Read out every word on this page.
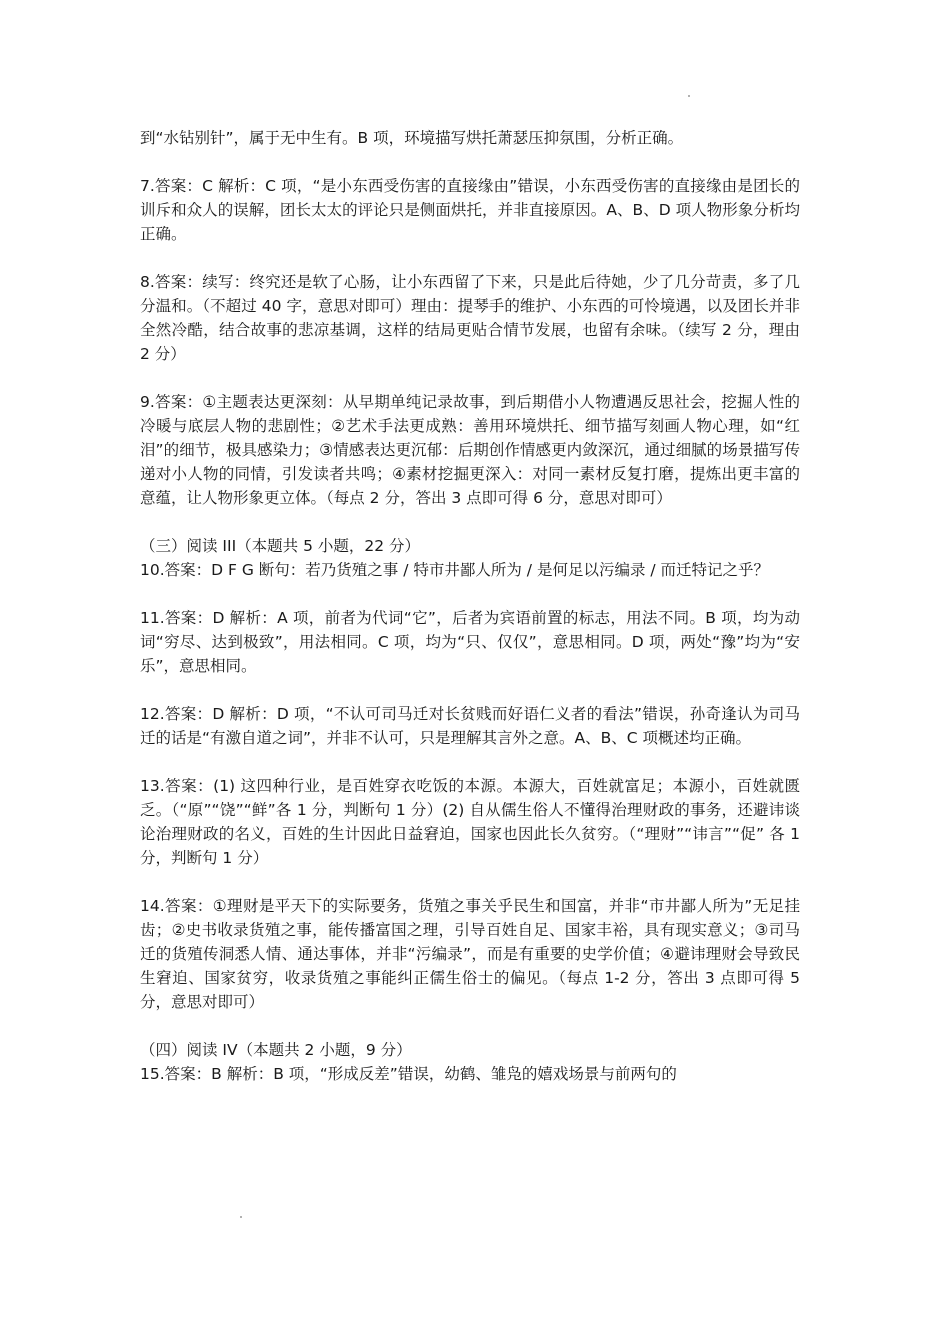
到“水钻别针”，属于无中生有。B 项，环境描写烘托萧瑟压抑氛围，分析正确。

7.答案：C 解析：C 项，“是小东西受伤害的直接缘由”错误，小东西受伤害的直接缘由是团长的训斥和众人的误解，团长太太的评论只是侧面烘托，并非直接原因。A、B、D 项人物形象分析均正确。

8.答案：续写：终究还是软了心肠，让小东西留了下来，只是此后待她，少了几分苛责，多了几分温和。（不超过 40 字，意思对即可）理由：提琴手的维护、小东西的可怜境遇，以及团长并非全然冷酷，结合故事的悲凉基调，这样的结局更贴合情节发展，也留有余味。（续写 2 分，理由 2 分）

9.答案：①主题表达更深刻：从早期单纯记录故事，到后期借小人物遭遇反思社会，挖掘人性的冷暖与底层人物的悲剧性；②艺术手法更成熟：善用环境烘托、细节描写刻画人物心理，如“红泪”的细节，极具感染力；③情感表达更沉郁：后期创作情感更内敛深沉，通过细腻的场景描写传递对小人物的同情，引发读者共鸣；④素材挖掘更深入：对同一素材反复打磨，提炼出更丰富的意蕴，让人物形象更立体。（每点 2 分，答出 3 点即可得 6 分，意思对即可）

（三）阅读 III（本题共 5 小题，22 分）

10.答案：D F G 断句：若乃货殖之事 / 特市井鄙人所为 / 是何足以污编录 / 而迁特记之乎？

11.答案：D 解析：A 项，前者为代词“它”，后者为宾语前置的标志，用法不同。B 项，均为动词“穷尽、达到极致”，用法相同。C 项，均为“只、仅仅”，意思相同。D 项，两处“豫”均为“安乐”，意思相同。

12.答案：D 解析：D 项，“不认可司马迁对长贫贱而好语仁义者的看法”错误，孙奇逢认为司马迁的话是“有激自道之词”，并非不认可，只是理解其言外之意。A、B、C 项概述均正确。

13.答案：(1) 这四种行业，是百姓穿衣吃饭的本源。本源大，百姓就富足；本源小，百姓就匮乏。（“原”“饶”“鲜”各 1 分，判断句 1 分）(2) 自从儒生俗人不懂得治理财政的事务，还避讳谈论治理财政的名义，百姓的生计因此日益窘迫，国家也因此长久贫穷。（“理财”“讳言”“促” 各 1 分，判断句 1 分）

14.答案：①理财是平天下的实际要务，货殖之事关乎民生和国富，并非“市井鄙人所为”无足挂齿；②史书收录货殖之事，能传播富国之理，引导百姓自足、国家丰裕，具有现实意义；③司马迁的货殖传洞悉人情、通达事体，并非“污编录”，而是有重要的史学价值；④避讳理财会导致民生窘迫、国家贫穷，收录货殖之事能纠正儒生俗士的偏见。（每点 1-2 分，答出 3 点即可得 5 分，意思对即可）

（四）阅读 IV（本题共 2 小题，9 分）

15.答案：B 解析：B 项，“形成反差”错误，幼鹤、雏凫的嬉戏场景与前两句的
